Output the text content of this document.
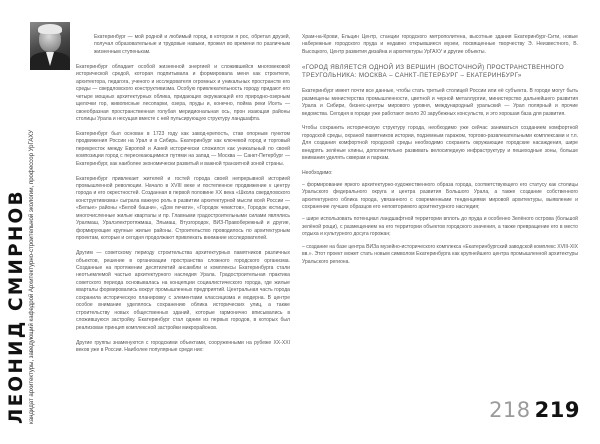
ЛЕОНИД СМИРНОВ кандидат архитектуры, заведующий кафедрой Архитектурно-строительной экологии, профессор УрГАХУ

Екатеринбург — мой родной и любимый город, в котором я рос, обретал друзей, получал образовательные и трудовые навыки, прожил во времени по различным жизненным ступенькам.

Екатеринбург обладает особой жизненной энергией и сложившейся многовековой исторической средой, которая подпитывала и формировала меня как строителя, архитектора, педагога, ученого и исследователя огромных и уникальных пространств его среды — свердловского конструктивизма. Особую привлекательность городу придают его четыре мощных архитектурных облика, придающих окружающей его природно-озерным щелочки гор, живописные лесопарки, озера, пруды и, конечно, пойма реки Исеть — своеобразная пространственная голубая меридиональная ось, прон изающая районы столицы Урала и несущая вместе с ней пульсирующую структуру ландшафта.

Екатеринбург был основан в 1723 году как завод-крепость, став опорным пунктом продвижения России на Урал и в Сибирь. Екатеринбург как ключевой город и торговый перекресток между Европой и Азией исторически сложился как уникальный по своей композиции город с пересекающимися путями на запад — Москва — Санкт-Петербург — Екатеринбург, как наиболее экономически развитый и важной транзитной зоной страны.

Екатеринбург привлекает жителей и гостей города своей непрерывной историей промышленной революции. Начало в XVIII веке и постепенное продвижение к центру города и его окрестностей. Созданная в первой половине XX века «Школа свердловского конструктивизма» сыграла важную роль в развитии архитектурной мысли всей России — «Белые» районы «Белой башни», «Дом печати», «Городок чекистов», Городок юстиции, многочисленные жилые кварталы и пр. Главными градостроительными силами являлись Уралмаш, Уралэлектротяжмаш, Эльмаш, Втузгородок, ВИЗ-Правобережный и другие, формирующие крупные жилые районы. Строительство проводилось по архитектурным проектам, которые и сегодня продолжают привлекать внимание исследователей.

Другим — советскому периоду строительства архитектурных памятников различных объектов, решение в организации пространства сложного городского организма. Созданные на протяжении десятилетий ансамбли и комплексы Екатеринбурга стали неотъемлемой частью архитектурного наследия Урала. Градостроительная практика советского периода основывалась на концепции социалистического города, где жилые кварталы формировались вокруг промышленных предприятий. Центральная часть города сохранила историческую планировку с элементами классицизма и модерна. В центре особое внимание уделялось сохранению облика исторических улиц, а также строительству новых общественных зданий, которые гармонично вписывались в сложившуюся застройку. Екатеринбург стал одним из первых городов, в которых был реализован принцип комплексной застройки микрорайонов.

Другие группы знаменуются с городскими объектами, сооруженными на рубеже XX-XXI веков уже в России. Наиболее популярные среди них:

Храм-на-Крови, Ельцин Центр, станции городского метрополитена, высотные здания Екатеринбург-Сити, новые набережные городского пруда и недавно открывшиеся музеи, посвященные творчеству Э. Неизвестного, В. Высоцкого, Центр развития дизайна и архитектуры УрГАХУ и другие объекты.

«ГОРОД ЯВЛЯЕТСЯ ОДНОЙ ИЗ ВЕРШИН (ВОСТОЧНОЙ) ПРОСТРАНСТВЕННОГО ТРЕУГОЛЬНИКА: МОСКВА – САНКТ-ПЕТЕРБУРГ – ЕКАТЕРИНБУРГ»

Екатеринбург имеет почти все данные, чтобы стать третьей столицей России или её субъекта. В городе могут быть размещены министерства промышленности, цветной и черной металлургии, министерство дальнейшего развития Урала и Сибири, бизнес-центры мирового уровня, международный уральский — Урал полярный и прочие ведомства. Сегодня в городе уже работают около 20 зарубежных консульств, и это хорошая база для развития.

Чтобы сохранить историческую структуру города, необходимо уже сейчас заниматься созданием комфортной городской среды, охраной памятников истории, подземным гаражом, торгово-развлекательными комплексами и т.п. Для создания комфортной городской среды необходимо сохранить окружающие городские насаждения, шире внедрять зелёные клины, дополнительно развивать велосипедную инфраструктуру и пешеходные зоны, больше внимания уделять скверам и паркам.

Необходимо:

– формирование яркого архитектурно-художественного образа города, соответствующего его статусу как столицы Уральского федерального округа и центра развития Большого Урала, а также создание собственного архитектурного облика города, увязанного с современными тенденциями мировой архитектуры, выявление и сохранение лучших образцов его неповторимого архитектурного наследия;

– шире использовать потенциал ландшафтной территории вплоть до пруда и особенно Зелёного острова (большой зелёной рощи), с размещением на его территории объектов городского значения, а также превращение его в место отдыха и культурного досуга горожан;

– создание на базе центра ВИЗа музейно-исторического комплекса «Екатеринбургский заводской комплекс XVIII-XIX вв.». Этот проект может стать новым символом Екатеринбурга как крупнейшего центра промышленной архитектуры Уральского региона.

218 219
